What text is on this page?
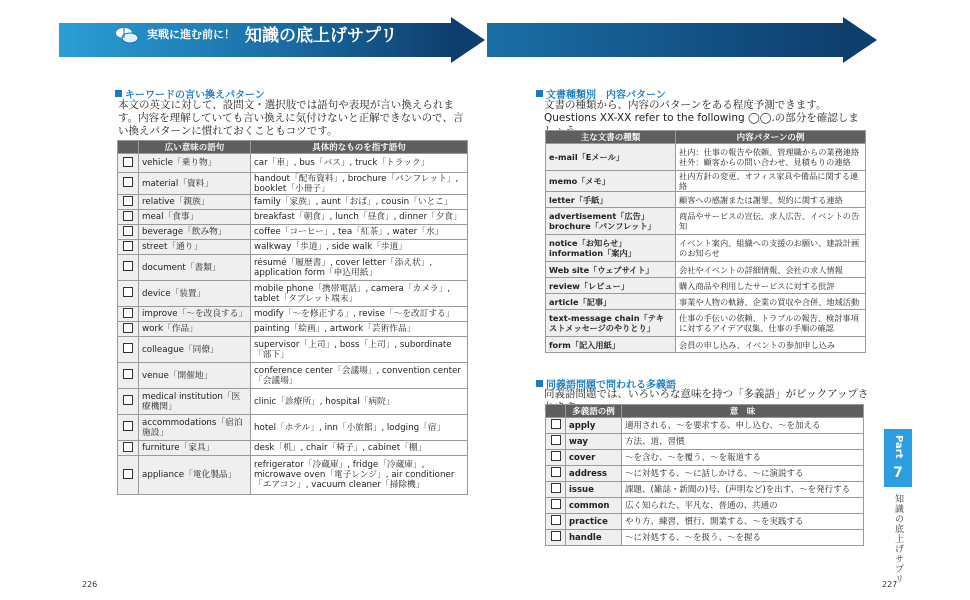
実戦に進む前に！ 知識の底上げサプリ
キーワードの言い換えパターン
本文の英文に対して、設問文・選択肢では語句や表現が言い換えられます。内容を理解していても言い換えに気付けないと正解できないので、言い換えパターンに慣れておくこともコツです。
	広い意味の語句	具体的なものを指す語句
	vehicle「乗り物」	car「車」, bus「バス」, truck「トラック」
	material「資料」	handout「配布資料」, brochure「パンフレット」, booklet「小冊子」
	relative「親族」	family「家族」, aunt「おば」, cousin「いとこ」
	meal「食事」	breakfast「朝食」, lunch「昼食」, dinner「夕食」
	beverage「飲み物」	coffee「コーヒー」, tea「紅茶」, water「水」
	street「通り」	walkway「歩道」, side walk「歩道」
	document「書類」	résumé「履歴書」, cover letter「添え状」, application form「申込用紙」
	device「装置」	mobile phone「携帯電話」, camera「カメラ」, tablet「タブレット端末」
	improve「～を改良する」	modify「～を修正する」, revise「～を改訂する」
	work「作品」	painting「絵画」, artwork「芸術作品」
	colleague「同僚」	supervisor「上司」, boss「上司」, subordinate「部下」
	venue「開催地」	conference center「会議場」, convention center「会議場」
	medical institution「医療機関」	clinic「診療所」, hospital「病院」
	accommodations「宿泊施設」	hotel「ホテル」, inn「小旅館」, lodging「宿」
	furniture「家具」	desk「机」, chair「椅子」, cabinet「棚」
	appliance「電化製品」	refrigerator「冷蔵庫」, fridge「冷蔵庫」, microwave oven「電子レンジ」, air conditioner「エアコン」, vacuum cleaner「掃除機」
226
文書種類別　内容パターン
文書の種類から、内容のパターンをある程度予測できます。Questions XX-XX refer to the following ◯◯.の部分を確認しま
主な文書の種類	内容パターンの例
e-mail「Eメール」	社内：仕事の報告や依頼、管理職からの業務連絡 社外：顧客からの問い合わせ、見積もりの連絡
memo「メモ」	社内方針の変更、オフィス家具や備品に関する連絡
letter「手紙」	顧客への感謝または謝罪、契約に関する連絡
advertisement「広告」 brochure「パンフレット」	商品やサービスの宣伝、求人広告、イベントの告知
notice「お知らせ」 information「案内」	イベント案内、組織への支援のお願い、建設計画のお知らせ
Web site「ウェブサイト」	会社やイベントの詳細情報、会社の求人情報
review「レビュー」	購入商品や利用したサービスに対する批評
article「記事」	事業や人物の軌跡、企業の買収や合併、地域活動
text-message chain「テキストメッセージのやりとり」	仕事の手伝いの依頼、トラブルの報告、検討事項に対するアイデア収集、仕事の手順の確認
form「記入用紙」	会員の申し込み、イベントの参加申し込み
同義語問題で問われる多義語
同義語問題では、いろいろな意味を持つ「多義語」がピックアップさ
	多義語の例	意　味
	apply	適用される、～を要求する、申し込む、～を加える
	way	方法、道、習慣
	cover	～を含む、～を覆う、～を報道する
	address	～に対処する、～に話しかける、～に演説する
	issue	課題、(雑誌・新聞の)号、(声明など)を出す、～を発行する
	common	広く知られた、平凡な、普通の、共通の
	practice	やり方、練習、慣行、開業する、～を実践する
	handle	～に対処する、～を扱う、～を握る
227
Part
7
知識の底上げサプリ
